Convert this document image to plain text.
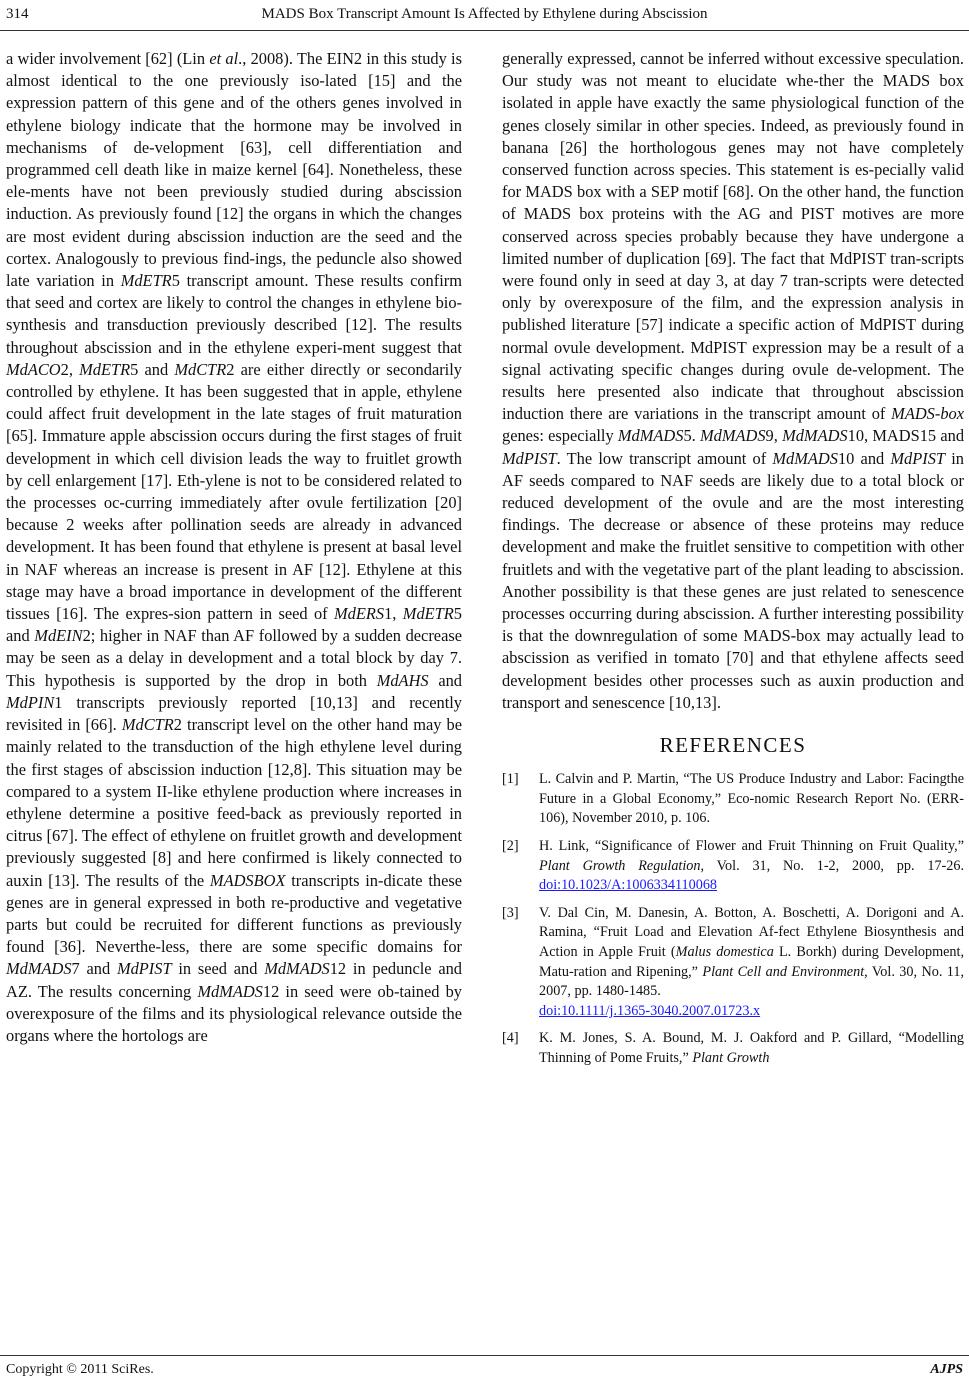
314	MADS Box Transcript Amount Is Affected by Ethylene during Abscission

a wider involvement [62] (Lin et al., 2008). The EIN2 in this study is almost identical to the one previously iso-lated [15] and the expression pattern of this gene and of the others genes involved in ethylene biology indicate that the hormone may be involved in mechanisms of de-velopment [63], cell differentiation and programmed cell death like in maize kernel [64]. Nonetheless, these ele-ments have not been previously studied during abscission induction. As previously found [12] the organs in which the changes are most evident during abscission induction are the seed and the cortex. Analogously to previous find-ings, the peduncle also showed late variation in MdETR5 transcript amount. These results confirm that seed and cortex are likely to control the changes in ethylene bio-synthesis and transduction previously described [12]. The results throughout abscission and in the ethylene experi-ment suggest that MdACO2, MdETR5 and MdCTR2 are either directly or secondarily controlled by ethylene. It has been suggested that in apple, ethylene could affect fruit development in the late stages of fruit maturation [65]. Immature apple abscission occurs during the first stages of fruit development in which cell division leads the way to fruitlet growth by cell enlargement [17]. Eth-ylene is not to be considered related to the processes oc-curring immediately after ovule fertilization [20] because 2 weeks after pollination seeds are already in advanced development. It has been found that ethylene is present at basal level in NAF whereas an increase is present in AF [12]. Ethylene at this stage may have a broad importance in development of the different tissues [16]. The expres-sion pattern in seed of MdERS1, MdETR5 and MdEIN2; higher in NAF than AF followed by a sudden decrease may be seen as a delay in development and a total block by day 7. This hypothesis is supported by the drop in both MdAHS and MdPIN1 transcripts previously reported [10,13] and recently revisited in [66]. MdCTR2 transcript level on the other hand may be mainly related to the transduction of the high ethylene level during the first stages of abscission induction [12,8]. This situation may be compared to a system II-like ethylene production where increases in ethylene determine a positive feed-back as previously reported in citrus [67]. The effect of ethylene on fruitlet growth and development previously suggested [8] and here confirmed is likely connected to auxin [13]. The results of the MADSBOX transcripts in-dicate these genes are in general expressed in both re-productive and vegetative parts but could be recruited for different functions as previously found [36]. Neverthe-less, there are some specific domains for MdMADS7 and MdPIST in seed and MdMADS12 in peduncle and AZ. The results concerning MdMADS12 in seed were ob-tained by overexposure of the films and its physiological relevance outside the organs where the hortologs are

generally expressed, cannot be inferred without excessive speculation. Our study was not meant to elucidate whe-ther the MADS box isolated in apple have exactly the same physiological function of the genes closely similar in other species. Indeed, as previously found in banana [26] the horthologous genes may not have completely conserved function across species. This statement is es-pecially valid for MADS box with a SEP motif [68]. On the other hand, the function of MADS box proteins with the AG and PIST motives are more conserved across species probably because they have undergone a limited number of duplication [69]. The fact that MdPIST tran-scripts were found only in seed at day 3, at day 7 tran-scripts were detected only by overexposure of the film, and the expression analysis in published literature [57] indicate a specific action of MdPIST during normal ovule development. MdPIST expression may be a result of a signal activating specific changes during ovule de-velopment. The results here presented also indicate that throughout abscission induction there are variations in the transcript amount of MADS-box genes: especially MdMADS5. MdMADS9, MdMADS10, MADS15 and MdPIST. The low transcript amount of MdMADS10 and MdPIST in AF seeds compared to NAF seeds are likely due to a total block or reduced development of the ovule and are the most interesting findings. The decrease or absence of these proteins may reduce development and make the fruitlet sensitive to competition with other fruitlets and with the vegetative part of the plant leading to abscission. Another possibility is that these genes are just related to senescence processes occurring during abscission. A further interesting possibility is that the downregulation of some MADS-box may actually lead to abscission as verified in tomato [70] and that ethylene affects seed development besides other processes such as auxin production and transport and senescence [10,13].

REFERENCES
[1] L. Calvin and P. Martin, “The US Produce Industry and Labor: Facingthe Future in a Global Economy,” Eco-nomic Research Report No. (ERR-106), November 2010, p. 106.
[2] H. Link, “Significance of Flower and Fruit Thinning on Fruit Quality,” Plant Growth Regulation, Vol. 31, No. 1-2, 2000, pp. 17-26. doi:10.1023/A:1006334110068
[3] V. Dal Cin, M. Danesin, A. Botton, A. Boschetti, A. Dorigoni and A. Ramina, “Fruit Load and Elevation Af-fect Ethylene Biosynthesis and Action in Apple Fruit (Malus domestica L. Borkh) during Development, Matu-ration and Ripening,” Plant Cell and Environment, Vol. 30, No. 11, 2007, pp. 1480-1485.
doi:10.1111/j.1365-3040.2007.01723.x
[4] K. M. Jones, S. A. Bound, M. J. Oakford and P. Gillard, “Modelling Thinning of Pome Fruits,” Plant Growth
Copyright © 2011 SciRes.	AJPS
